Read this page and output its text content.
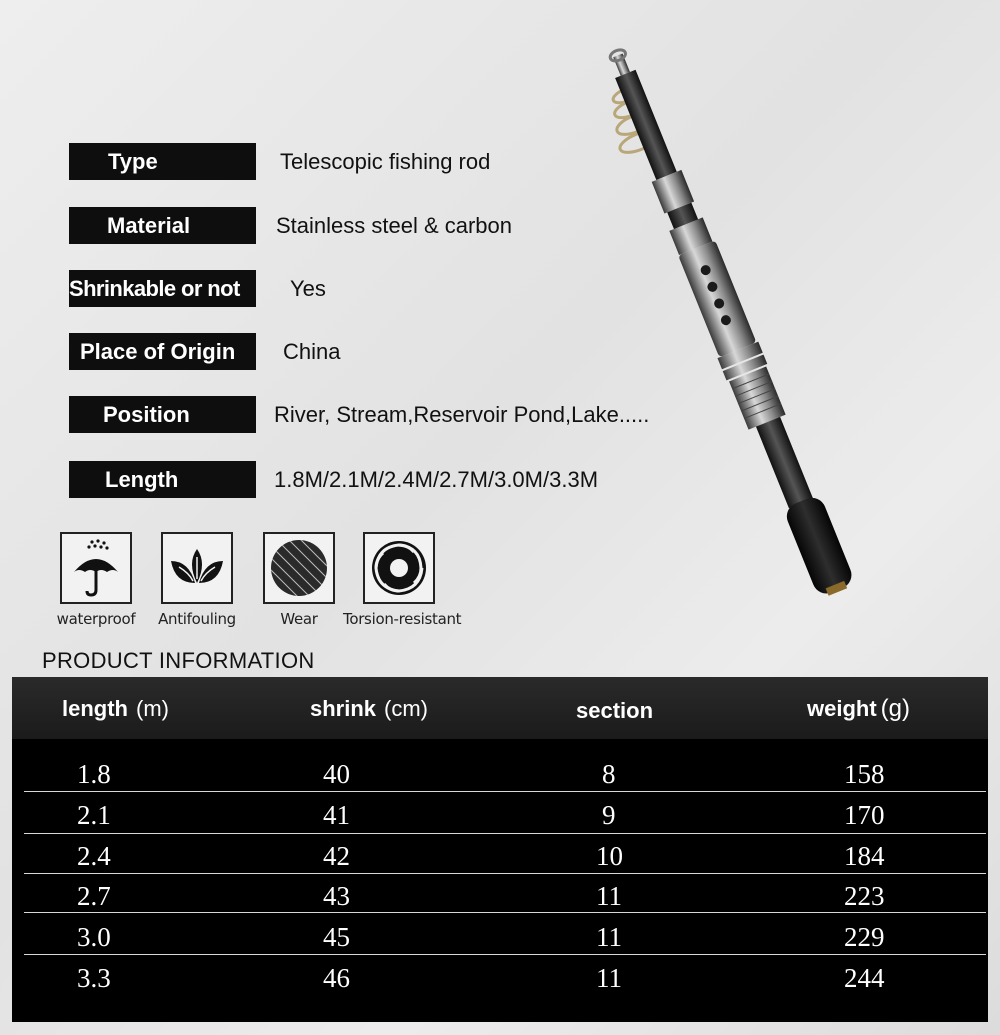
Type	Telescopic fishing rod
Material	Stainless steel & carbon
Shrinkable or not	Yes
Place of Origin	China
Position	River, Stream,Reservoir Pond,Lake.....
Length	1.8M/2.1M/2.4M/2.7M/3.0M/3.3M
waterproof Antifouling	Wear	Torsion-resistant
PRODUCT INFORMATION
length (m)	shrink (cm)	section	weight (g)
1.8	40	8	158
2.1	41	9	170
2.4	42	10	184
2.7	43	11	223
3.0	45	11	229
3.3	46	11	244
